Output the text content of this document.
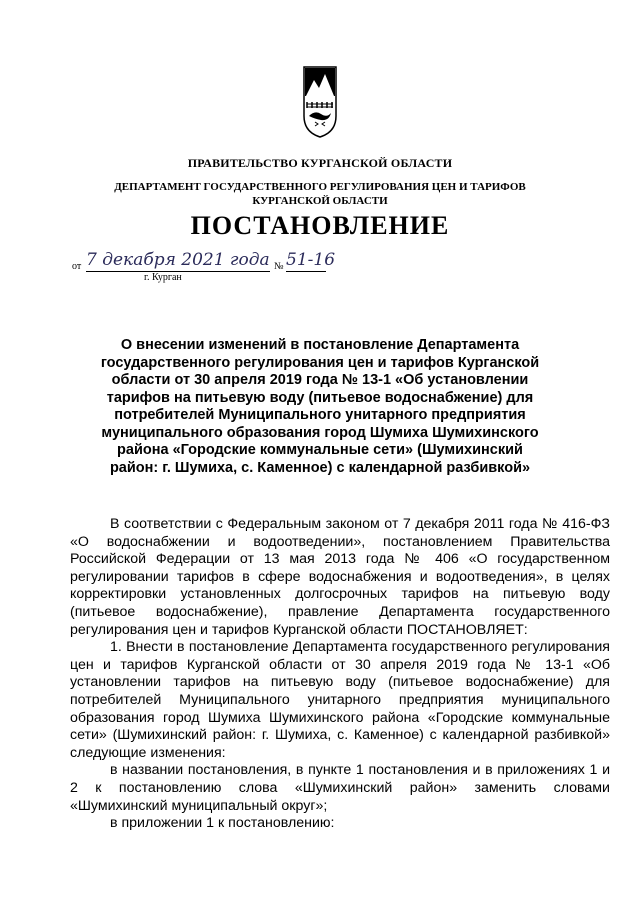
ПРАВИТЕЛЬСТВО КУРГАНСКОЙ ОБЛАСТИ
ДЕПАРТАМЕНТ ГОСУДАРСТВЕННОГО РЕГУЛИРОВАНИЯ ЦЕН И ТАРИФОВ
КУРГАНСКОЙ ОБЛАСТИ
ПОСТАНОВЛЕНИЕ
от 7 декабря 2021 года № 51-16
г. Курган
О внесении изменений в постановление Департамента государственного регулирования цен и тарифов Курганской области от 30 апреля 2019 года № 13-1 «Об установлении тарифов на питьевую воду (питьевое водоснабжение) для потребителей Муниципального унитарного предприятия муниципального образования город Шумиха Шумихинского района «Городские коммунальные сети» (Шумихинский район: г. Шумиха, с. Каменное) с календарной разбивкой»

В соответствии с Федеральным законом от 7 декабря 2011 года № 416-ФЗ «О водоснабжении и водоотведении», постановлением Правительства Российской Федерации от 13 мая 2013 года № 406 «О государственном регулировании тарифов в сфере водоснабжения и водоотведения», в целях корректировки установленных долгосрочных тарифов на питьевую воду (питьевое водоснабжение), правление Департамента государственного регулирования цен и тарифов Курганской области ПОСТАНОВЛЯЕТ:

1. Внести в постановление Департамента государственного регулирования цен и тарифов Курганской области от 30 апреля 2019 года № 13-1 «Об установлении тарифов на питьевую воду (питьевое водоснабжение) для потребителей Муниципального унитарного предприятия муниципального образования город Шумиха Шумихинского района «Городские коммунальные сети» (Шумихинский район: г. Шумиха, с. Каменное) с календарной разбивкой» следующие изменения:

в названии постановления, в пункте 1 постановления и в приложениях 1 и 2 к постановлению слова «Шумихинский район» заменить словами «Шумихинский муниципальный округ»;

в приложении 1 к постановлению:
